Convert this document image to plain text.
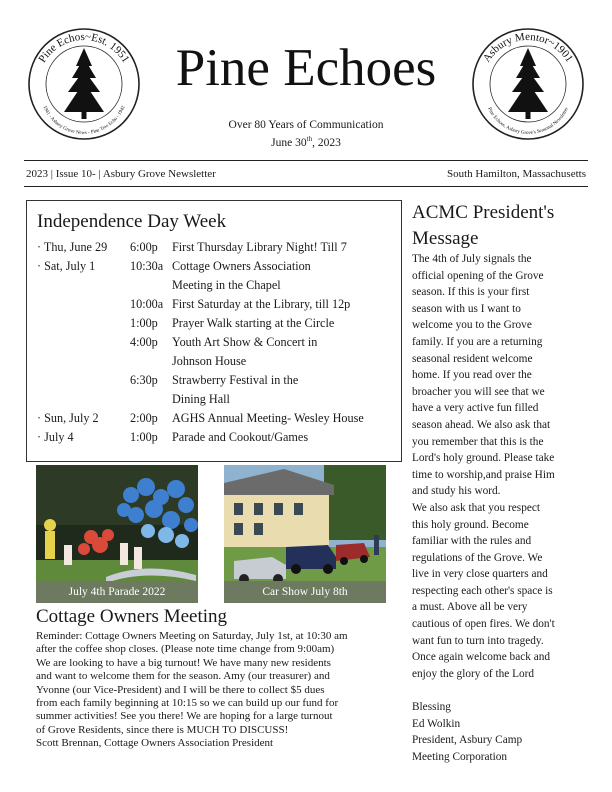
Pine Echos~Est. 1951
1941 - Asbury Grove News - Pine Tree Echo - 1942
Pine Echoes
Over 80 Years of Communication
June 30th, 2023
Asbury Mentor~1901
Pine Echoes, Asbury Grove's Seasonal Newsletter
2023 | Issue 10- | Asbury Grove Newsletter	South Hamilton, Massachusetts
Independence Day Week
· Thu, June 29	6:00p	First Thursday Library Night! Till 7
· Sat, July 1	10:30a Cottage Owners Association
Meeting in the Chapel
10:00a First Saturday at the Library, till 12p
1:00p	Prayer Walk starting at the Circle
4:00p	Youth Art Show & Concert in
Johnson House
6:30p	Strawberry Festival in the
Dining Hall
· Sun, July 2	2:00p	AGHS Annual Meeting- Wesley House
· July 4	1:00p	Parade and Cookout/Games
July 4th Parade 2022	Car Show July 8th
Cottage Owners Meeting
Reminder: Cottage Owners Meeting on Saturday, July 1st, at 10:30 am
after the coffee shop closes. (Please note time change from 9:00am)
We are looking to have a big turnout! We have many new residents
and want to welcome them for the season. Amy (our treasurer) and
Yvonne (our Vice-President) and I will be there to collect $5 dues
from each family beginning at 10:15 so we can build up our fund for
summer activities! See you there! We are hoping for a large turnout
of Grove Residents, since there is MUCH TO DISCUSS!
Scott Brennan, Cottage Owners Association President
ACMC President's Message
The 4th of July signals the
official opening of the Grove
season. If this is your first
season with us I want to
welcome you to the Grove
family. If you are a returning
seasonal resident welcome
home. If you read over the
broacher you will see that we
have a very active fun filled
season ahead. We also ask that
you remember that this is the
Lord's holy ground. Please take
time to worship,and praise Him
and study his word.
We also ask that you respect
this holy ground. Become
familiar with the rules and
regulations of the Grove. We
live in very close quarters and
respecting each other's space is
a must. Above all be very
cautious of open fires. We don't
want fun to turn into tragedy.
Once again welcome back and
enjoy the glory of the Lord

Blessing
Ed Wolkin
President, Asbury Camp
Meeting Corporation
